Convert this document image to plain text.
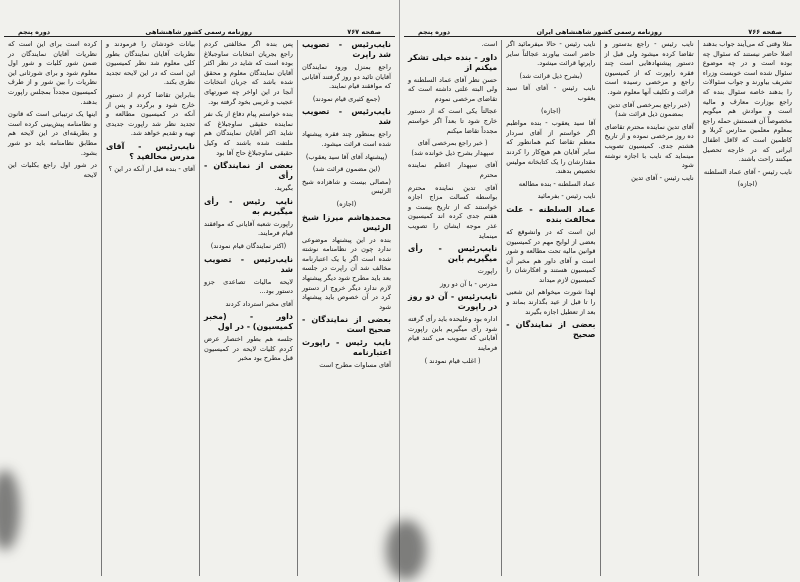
صفحه ۷۶۷
روزنامه رسمی کشور شاهنشاهی
دوره پنجم

نایب‌رئیس - تصویب شد راپرت

راجع بمنزل ورود نمایندگان آقایان تائید دو روز گرفتند آقایانی که موافقند قیام نمایند.

(جمع کثیری قیام نمودند)

نایب‌رئیس - تصویب شد

راجع بمنظور چند فقره پیشنهاد شده است قرائت میشود.

(پیشنهاد آقای آقا سید یعقوب)

(این مضمون قرائت شد)

(مصالی بیست و شاهزاده شیخ الرئیس

(اجازه)

محمدهاشم میرزا شیخ الرئیس

بنده در این پیشنهاد موضوعی ندارد چون در نظامنامه نوشته شده است اگر یا یک اعتبارنامه مخالف شد آن راپرت در جلسه بعد باید مطرح شود دیگر پیشنهاد لازم ندارد دیگر خروج از دستور کرد در آن خصوص باید پیشنهاد شود

بعضی از نمایندگان - صحیح است

نایب رئیس - راپورت اعتبارنامه

آقای مساوات مطرح است

پس بنده اگر مخالفتی کردم راجع بجریان انتخابات ساوجبلاغ بوده است که شاید در نظر اکثر آقایان نمایندگان معلوم و محقق شده باشد که جریان انتخابات آنجا در این اواخر چه صورتهای عجیب و غریبی بخود گرفته بود.

بنده خواستم پیام دفاع از یک نفر نماینده حقیقی ساوجبلاغ که شاید اکثر آقایان نمایندگان هم ملتفت شده باشند که وکیل حقیقی ساوجبلاغ حاج آقا بود

بعضی از نمایندگان - رأی

بگیرید.

نایب رئیس - رأی میگیریم به

راپورت شعبه آقایانی که موافقند قیام فرمایند.

(اکثر نمایندگان قیام نمودند)

نایب‌رئیس - تصویب شد

لایحه مالیات تصاعدی جزو دستور بود...

آقای مخبر استرداد کردند

داور - (مخبر کمیسیون) - در اول

جلسه هم بطور اختصار عرض کردم کلیات لایحه در کمیسیون قبل مطرح بود مخبر

بیانات خودشان را فرمودند و نظریات آقایان نمایندگان بطور کلی معلوم شد نظر کمیسیون این است که در این لایحه تجدید نظری بکند.

بنابراین تقاضا کردم از دستور خارج شود و برگردد و پس از آنکه در کمیسیون مطالعه و تجدید نظر شد راپورت جدیدی تهیه و تقدیم خواهد شد.

نایب‌رئیس - آقای مدرس مخالفید ؟

آقای - بنده قبل از آنکه در این ؟

کرده است برای این است که نظریات آقایان نمایندگان در ضمن شور کلیات و شور اول معلوم شود و برای شورثانی این نظریات را بین شور و از طرف کمیسیون مجدداً بمجلس راپورت بدهند.

اینها یک ترتیباتی است که قانون و نظامنامه پیش‌بینی کرده است و بطریقه‌ای در این لایحه هم مطابق نظامنامه باید دو شور بشود.

در شور اول راجع بکلیات این لایحه

صفحه ۷۶۶
روزنامه رسمی کشور شاهنشاهی ایران
دوره پنجم

مثلا وقتی که می‌آیند جواب بدهند اصلا حاضر نیستند که سئوال چه بوده است و در چه موضوع سئوال شده است خوبست وزراء تشریف بیاورند و جواب سئوالات را بدهند خاصه سئوال بنده که راجع بوزارت معارف و مالیه است و موادش هم میگویم مخصوصاً آن قسمتش حمله راجع بمعلوم معلمین مدارس کربلا و کاظمین است که لااقل اطفال ایرانی که در خارجه تحصیل میکنند راحت باشند.

نایب رئیس - آقای عماد السلطنه

(اجازه)

نایب رئیس - راجع بدستور و تقاضا کرده میشود ولی قبل از دستور پیشنهادهایی است چند فقره راپورت که از کمیسیون راجع و مرخصی رسیده است قرائت و تکلیف آنها معلوم شود.

(خبر راجع بمرخصی آقای تدین بمضمون ذیل قرائت شد)

آقای تدین نماینده محترم تقاضای ده روز مرخصی نموده و از تاریخ هشتم جدی. کمیسیون تصویب مینماید که نایب با اجازه نوشته شود

نایب رئیس - آقای تدین

نایب رئیس - حالا میفرمائید اگر حاضر است بیاورند عجالتاً سایر راپرتها قرائت میشود.

(بشرح ذیل قرائت شد)

نایب رئیس - آقای آقا سید یعقوب

(اجازه)

آقا سید یعقوب - بنده مواظبم اگر خواستم از آقای سردار معظم تقاضا کنم همانطور که سایر آقایان هم هیچ‌کار را کردند مقدارشان را یک کتابخانه مولیس تخصیص بدهند.

عماد السلطنه - بنده مطالعه

نایب رئیس - بفرمائید

عماد السلطنه - علت مخالفت بنده

این است که در وانشوقع که بعضی از لوایح مهم در کمیسیون قوانین مالیه تحت مطالعه و شور است و آقای داور هم مخبر آن کمیسیون هستند و افکارشان را کمیسیون لازم میداند

لهذا شورت میخواهم این شعبی را تا قبل از عید بگذارند بماند و بعد از تعطیل اجازه بگیرند

بعضی از نمایندگان - صحیح

است.

داور - بنده خیلی تشکر میکنم از

حسن نظر آقای عماد السلطنه و ولی البته علتی داشته است که تقاضای مرخصی نمودم

عجالتاً یکی است که از دستور خارج شود تا بعداً اگر خواستم مجدداً تقاضا میکنم

( خبر راجع بمرخصی آقای سپهدار بشرح ذیل خوانده شد)

آقای سپهدار اعظم نماینده محترم

آقای تدین نماینده محترم بواسطه کسالت مزاج اجازه خواستند که از تاریخ بیست و هفتم جدی کرده اند کمیسیون عذر موجه ایشان را تصویب مینماید

نایب‌رئیس - رأی میگیریم باین

راپورت

مدرس - با آن دو روز

نایب‌رئیس - آن دو روز در راپورت

اداره بود وعلیحده باید رأی گرفته شود رأی میگیریم باین راپورت آقایانی که تصویب می کنند قیام فرمایند

( اغلب قیام نمودند )
